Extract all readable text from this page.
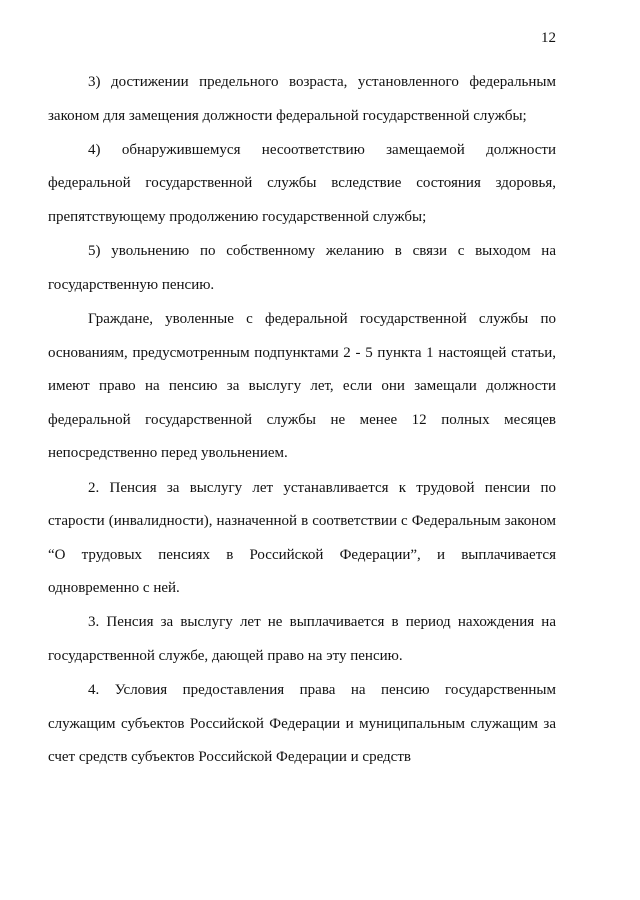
12

3) достижении предельного возраста, установленного федеральным законом для замещения должности федеральной государственной службы;

4) обнаружившемуся несоответствию замещаемой должности федеральной государственной службы вследствие состояния здоровья, препятствующему продолжению государственной службы;

5) увольнению по собственному желанию в связи с выходом на государственную пенсию.

Граждане, уволенные с федеральной государственной службы по основаниям, предусмотренным подпунктами 2 - 5 пункта 1 настоящей статьи, имеют право на пенсию за выслугу лет, если они замещали должности федеральной государственной службы не менее 12 полных месяцев непосредственно перед увольнением.

2. Пенсия за выслугу лет устанавливается к трудовой пенсии по старости (инвалидности), назначенной в соответствии с Федеральным законом “О трудовых пенсиях в Российской Федерации”, и выплачивается одновременно с ней.

3. Пенсия за выслугу лет не выплачивается в период нахождения на государственной службе, дающей право на эту пенсию.

4. Условия предоставления права на пенсию государственным служащим субъектов Российской Федерации и муниципальным служащим за счет средств субъектов Российской Федерации и средств
